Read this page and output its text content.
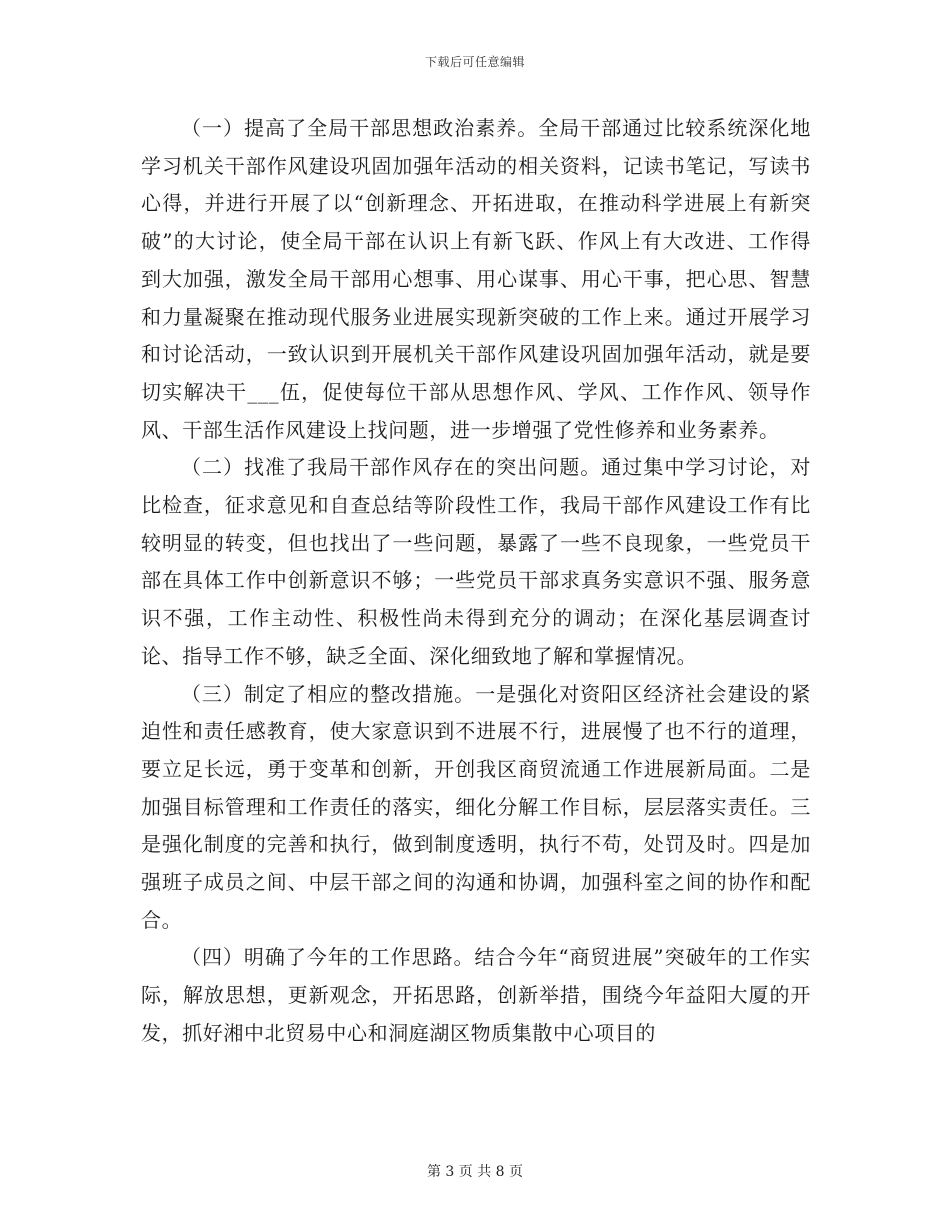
下载后可任意编辑

（一）提高了全局干部思想政治素养。全局干部通过比较系统深化地学习机关干部作风建设巩固加强年活动的相关资料，记读书笔记，写读书心得，并进行开展了以“创新理念、开拓进取，在推动科学进展上有新突破”的大讨论，使全局干部在认识上有新飞跃、作风上有大改进、工作得到大加强，激发全局干部用心想事、用心谋事、用心干事，把心思、智慧和力量凝聚在推动现代服务业进展实现新突破的工作上来。通过开展学习和讨论活动，一致认识到开展机关干部作风建设巩固加强年活动，就是要切实解决干___伍，促使每位干部从思想作风、学风、工作作风、领导作风、干部生活作风建设上找问题，进一步增强了党性修养和业务素养。

（二）找准了我局干部作风存在的突出问题。通过集中学习讨论，对比检查，征求意见和自查总结等阶段性工作，我局干部作风建设工作有比较明显的转变，但也找出了一些问题，暴露了一些不良现象，一些党员干部在具体工作中创新意识不够；一些党员干部求真务实意识不强、服务意识不强，工作主动性、积极性尚未得到充分的调动；在深化基层调查讨论、指导工作不够，缺乏全面、深化细致地了解和掌握情况。

（三）制定了相应的整改措施。一是强化对资阳区经济社会建设的紧迫性和责任感教育，使大家意识到不进展不行，进展慢了也不行的道理，要立足长远，勇于变革和创新，开创我区商贸流通工作进展新局面。二是加强目标管理和工作责任的落实，细化分解工作目标，层层落实责任。三是强化制度的完善和执行，做到制度透明，执行不苟，处罚及时。四是加强班子成员之间、中层干部之间的沟通和协调，加强科室之间的协作和配合。

（四）明确了今年的工作思路。结合今年“商贸进展”突破年的工作实际，解放思想，更新观念，开拓思路，创新举措，围绕今年益阳大厦的开发，抓好湘中北贸易中心和洞庭湖区物质集散中心项目的

第 3 页 共 8 页
